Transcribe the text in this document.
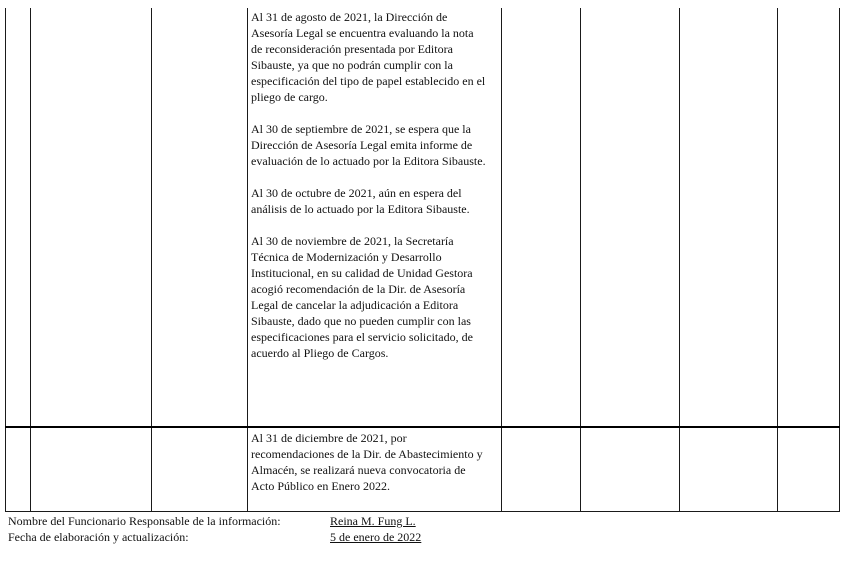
Al 31 de agosto de 2021, la Dirección de
Asesoría Legal se encuentra evaluando la nota
de reconsideración presentada por Editora
Sibauste, ya que no podrán cumplir con la
especificación del tipo de papel establecido en el
pliego de cargo.

Al 30 de septiembre de 2021, se espera que la
Dirección de Asesoría Legal emita informe de
evaluación de lo actuado por la Editora Sibauste.

Al 30 de octubre de 2021, aún en espera del
análisis de lo actuado por la Editora Sibauste.

Al 30 de noviembre de 2021, la Secretaría
Técnica de Modernización y Desarrollo
Institucional, en su calidad de Unidad Gestora
acogió recomendación de la Dir. de Asesoría
Legal de cancelar la adjudicación a Editora
Sibauste, dado que no pueden cumplir con las
especificaciones para el servicio solicitado, de
acuerdo al Pliego de Cargos.

Al 31 de diciembre de 2021, por
recomendaciones de la Dir. de Abastecimiento y
Almacén, se realizará nueva convocatoria de
Acto Público en Enero 2022.

Nombre del Funcionario Responsable de la información:	Reina M. Fung L.
Fecha de elaboración y actualización:	5 de enero de 2022
